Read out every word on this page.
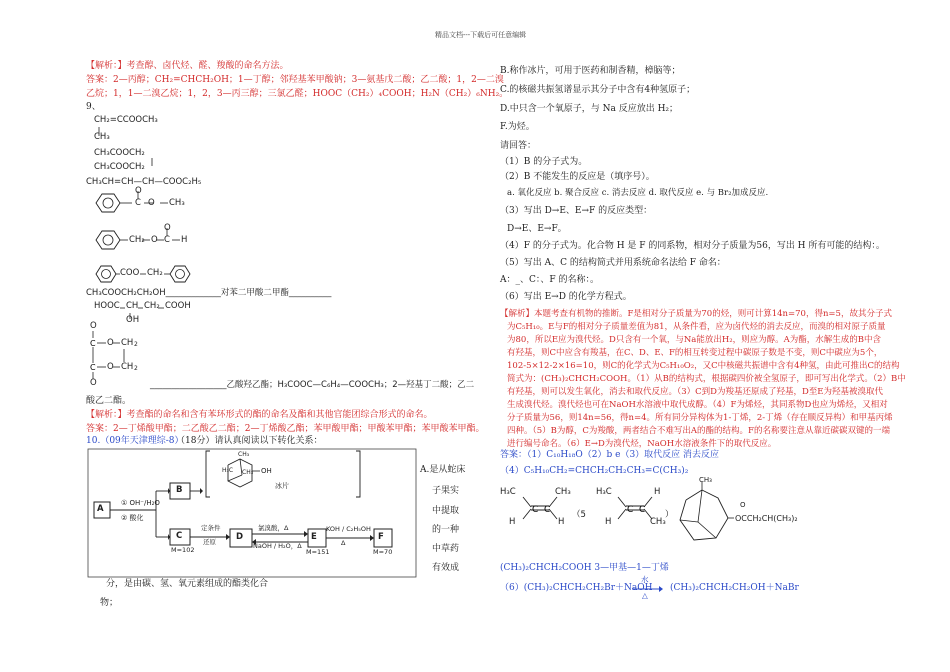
精品文档---下载后可任意编辑
【解析：】考查醇、卤代烃、醛、羧酸的命名方法。
答案：2—丙醇；CH₂=CHCH₂OH；1—丁醇；邻羟基苯甲酸钠；3—氨基戊二酸；乙二酸；1，2—二溴
乙烷；1，1—二溴乙烷；1，2，3—丙三醇；三氯乙醛；HOOC（CH₂）₄COOH；H₂N（CH₂）₆NH₂。
9、
CH₂=CCOOCH₃
CH₃
CH₃COOCH₂
CH₃COOCH₂
CH₃CH=CH—CH—COOC₂H₅
O
C O CH₃
CH₂ O C H
O
COO CH₂
CH₃COOCH₂CH₂OH_____________对苯二甲酸二甲酯__________
HOOC CH CH₂ COOH
OH
C
C
O
O CH 2
O CH 2
O	__________________乙酸羟乙酯；H₃COOC—C₆H₄—COOCH₃；2—羟基丁二酸；乙二
酸乙二酯。
【解析：】考查酯的命名和含有苯环形式的酯的命名及酯和其他官能团综合形式的命名。
答案：2—丁烯酸甲酯；二乙酸乙二酯；2—丁烯酸乙酯；苯甲酸甲酯；甲酸苯甲酯；苯甲酸苯甲酯。
10.（09年天津理综-8）
（18分）请认真阅读以下转化关系：
A
B
C	D	E	F
① OH⁻/H₂O
② 酸化
定条件
还原
氯溴酸，Δ
NaOH / H₂O，Δ
KOH / C₂H₅OH
Δ
M=102	M=151	M=70
CH₃
H₃C CH₃ OH
冰片
A.是从蛇床
子果实
中提取
的一种
中草药
有效成
分，是由碳、氢、氧元素组成的酯类化合
物；
B.称作冰片，可用于医药和制香精，樟脑等；
C.的核磁共振氢谱显示其分子中含有4种氢原子；
D.中只含一个氧原子，与 Na 反应放出 H₂；
F.为烃。
请回答：
（1）B 的分子式为。
（2）B 不能发生的反应是（填序号）。
a. 氧化反应 b. 聚合反应 c. 消去反应 d. 取代反应 e. 与 Br₂加成反应.
（3）写出 D→E、E→F 的反应类型：
D→E、E→F。
（4）F 的分子式为。化合物 H 是 F 的同系物，相对分子质量为56，写出 H 所有可能的结构：。
（5）写出 A、C 的结构简式并用系统命名法给 F 命名：
A：_、C：、F 的名称：。
（6）写出 E→D 的化学方程式。
【解析】本题考查有机物的推断。F是相对分子质量为70的烃，则可计算14n=70，得n=5，故其分子式
为C₅H₁₀。E与F的相对分子质量差值为81，从条件看，应为卤代烃的消去反应，而溴的相对原子质量
为80，所以E应为溴代烃。D只含有一个氧，与Na能放出H₂，则应为醇。A为酯，水解生成的B中含
有羟基，则C中应含有羧基，在C、D、E、F的相互转变过程中碳原子数是不变，则C中碳应为5个，
102-5×12-2×16=10，则C的化学式为C₅H₁₀O₂，又C中核磁共振谱中含有4种氢，由此可推出C的结构
简式为：(CH₃)₂CHCH₂COOH。（1）从B的结构式，根据碳四价被全氢原子，即可写出化学式。（2）B中
有羟基，则可以发生氧化，消去和取代反应。（3）C到D为羧基还原成了羟基，D至E为羟基被溴取代
生成溴代烃。溴代烃也可在NaOH水溶液中取代成醇。（4）F为烯烃，其同系物D也应为烯烃，又相对
分子质量为56，则14n=56，得n=4。所有同分异构体为1-丁烯，2-丁烯（存在顺反异构）和甲基丙烯
四种。（5）B为醇，C为羧酸，两者结合不难写出A的酯的结构。F的名称要注意从靠近碳碳双键的一端
进行编号命名。（6）E→D为溴代烃，NaOH水溶液条件下的取代反应。
答案：（1）C₁₀H₁₈O（2）b e（3）取代反应 消去反应
（4）C₅H₁₀CH₂=CHCH₂CH₂CH₃=C(CH₃)₂
C C
H₃C	CH₃
H	H
（5	C C
H₃C	H
H	CH₃
）
CH₃
OCCH₂CH(CH₃)₂
O
(CH₃)₂CHCH₂COOH 3—甲基—1—丁烯
（6）(CH₃)₂CHCH₂CH₂Br＋NaOH
水
△
(CH₃)₂CHCH₂CH₂OH＋NaBr
